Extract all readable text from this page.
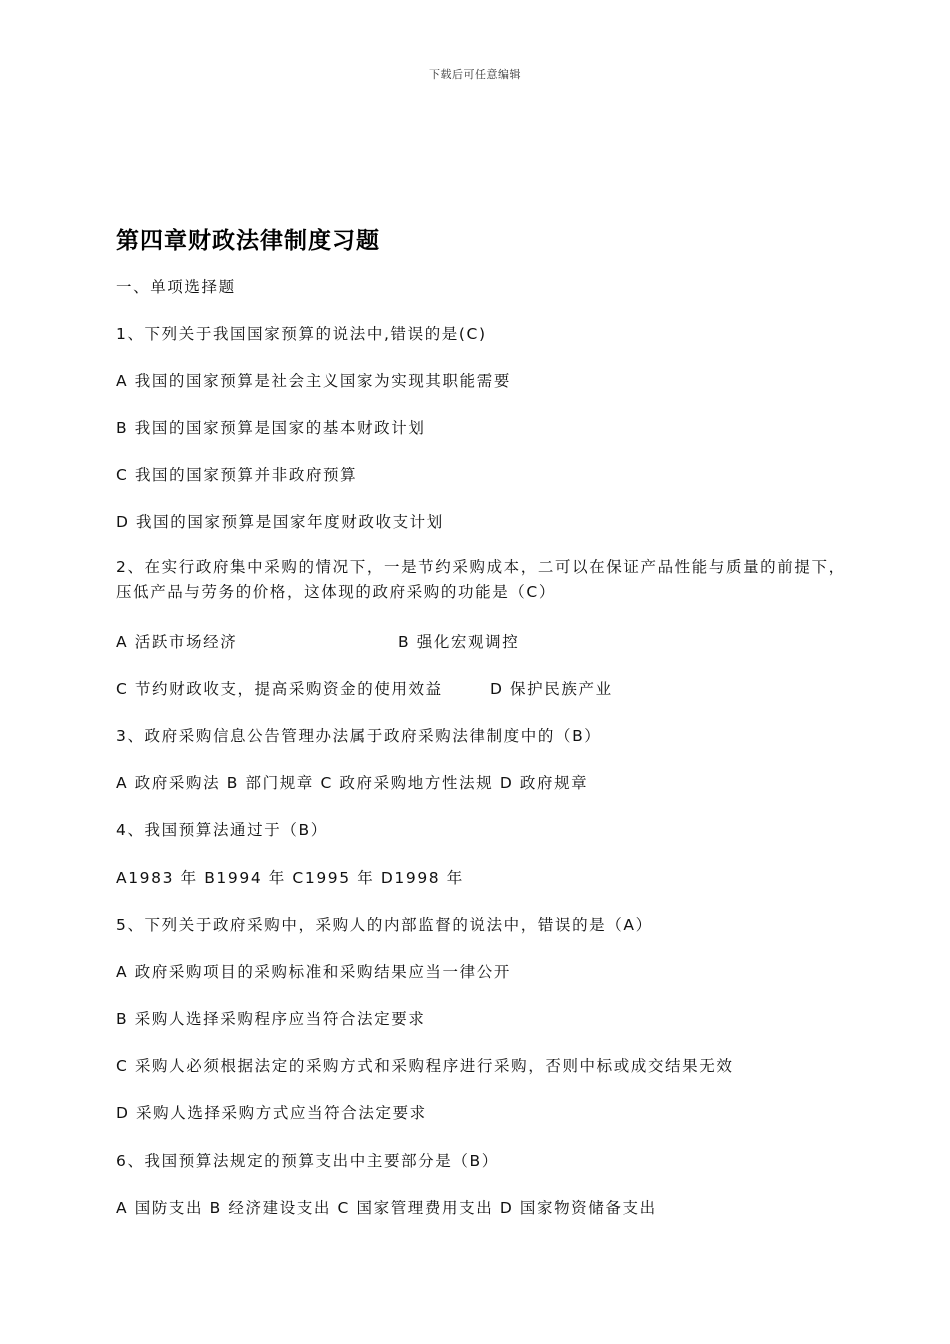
下载后可任意编辑
第四章财政法律制度习题
一、单项选择题
1、下列关于我国国家预算的说法中,错误的是(C)
A 我国的国家预算是社会主义国家为实现其职能需要
B 我国的国家预算是国家的基本财政计划
C 我国的国家预算并非政府预算
D 我国的国家预算是国家年度财政收支计划
2、在实行政府集中采购的情况下，一是节约采购成本，二可以在保证产品性能与质量的前提下，压低产品与劳务的价格，这体现的政府采购的功能是（C）
A 活跃市场经济	B 强化宏观调控
C 节约财政收支，提高采购资金的使用效益	D 保护民族产业
3、政府采购信息公告管理办法属于政府采购法律制度中的（B）
A 政府采购法 B 部门规章 C 政府采购地方性法规 D 政府规章
4、我国预算法通过于（B）
A1983 年 B1994 年 C1995 年 D1998 年
5、下列关于政府采购中，采购人的内部监督的说法中，错误的是（A）
A 政府采购项目的采购标准和采购结果应当一律公开
B 采购人选择采购程序应当符合法定要求
C 采购人必须根据法定的采购方式和采购程序进行采购，否则中标或成交结果无效
D 采购人选择采购方式应当符合法定要求
6、我国预算法规定的预算支出中主要部分是（B）
A 国防支出 B 经济建设支出 C 国家管理费用支出 D 国家物资储备支出
